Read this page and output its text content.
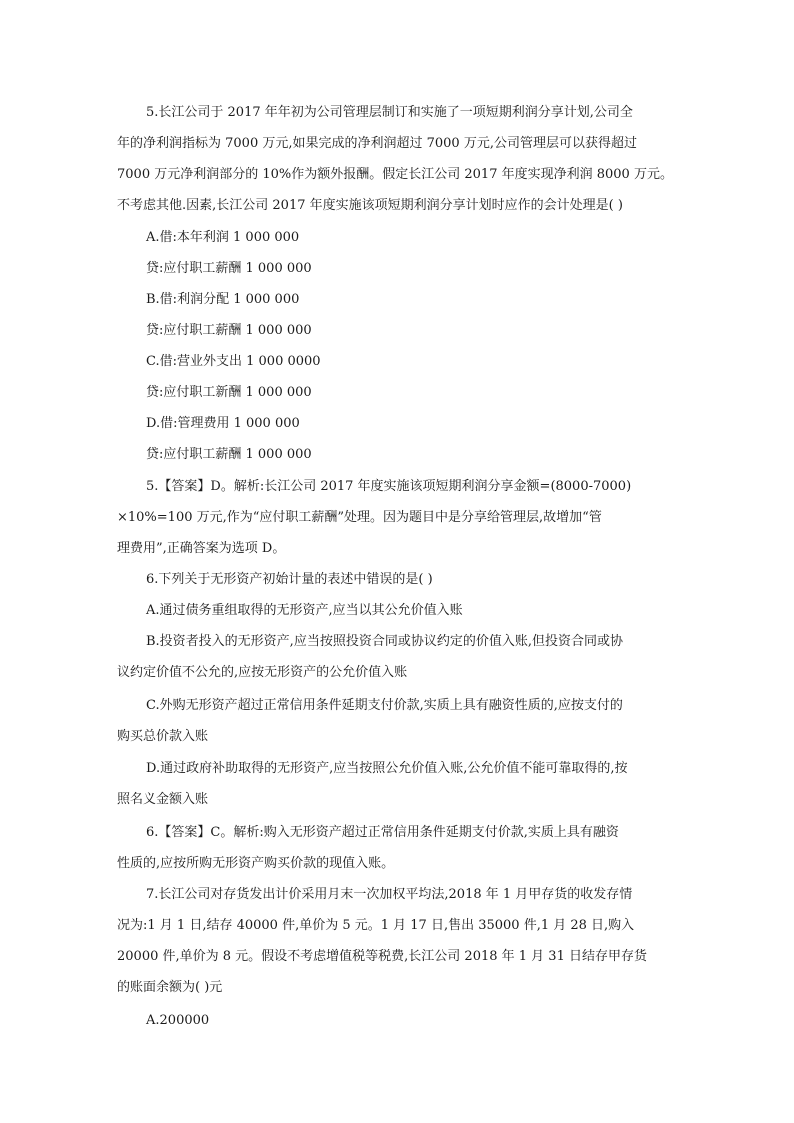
5.长江公司于 2017 年年初为公司管理层制订和实施了一项短期利润分享计划,公司全
年的净利润指标为 7000 万元,如果完成的净利润超过 7000 万元,公司管理层可以获得超过
7000 万元净利润部分的 10%作为额外报酬。假定长江公司 2017 年度实现净利润 8000 万元。
不考虑其他.因素,长江公司 2017 年度实施该项短期利润分享计划时应作的会计处理是( )
A.借:本年利润 1 000 000
贷:应付职工薪酬 1 000 000
B.借:利润分配 1 000 000
贷:应付职工薪酬 1 000 000
C.借:营业外支出 1 000 0000
贷:应付职工新酬 1 000 000
D.借:管理费用 1 000 000
贷:应付职工薪酬 1 000 000
5.【答案】D。解析:长江公司 2017 年度实施该项短期利润分享金额=(8000-7000)
×10%=100 万元,作为“应付职工薪酬”处理。因为题目中是分享给管理层,故增加“管
理费用”,正确答案为选项 D。
6.下列关于无形资产初始计量的表述中错误的是( )
A.通过债务重组取得的无形资产,应当以其公允价值入账
B.投资者投入的无形资产,应当按照投资合同或协议约定的价值入账,但投资合同或协
议约定价值不公允的,应按无形资产的公允价值入账
C.外购无形资产超过正常信用条件延期支付价款,实质上具有融资性质的,应按支付的
购买总价款入账
D.通过政府补助取得的无形资产,应当按照公允价值入账,公允价值不能可靠取得的,按
照名义金额入账
6.【答案】C。解析:购入无形资产超过正常信用条件延期支付价款,实质上具有融资
性质的,应按所购无形资产购买价款的现值入账。
7.长江公司对存货发出计价采用月末一次加权平均法,2018 年 1 月甲存货的收发存情
况为:1 月 1 日,结存 40000 件,单价为 5 元。1 月 17 日,售出 35000 件,1 月 28 日,购入
20000 件,单价为 8 元。假设不考虑增值税等税费,长江公司 2018 年 1 月 31 日结存甲存货
的账面余额为( )元
A.200000
